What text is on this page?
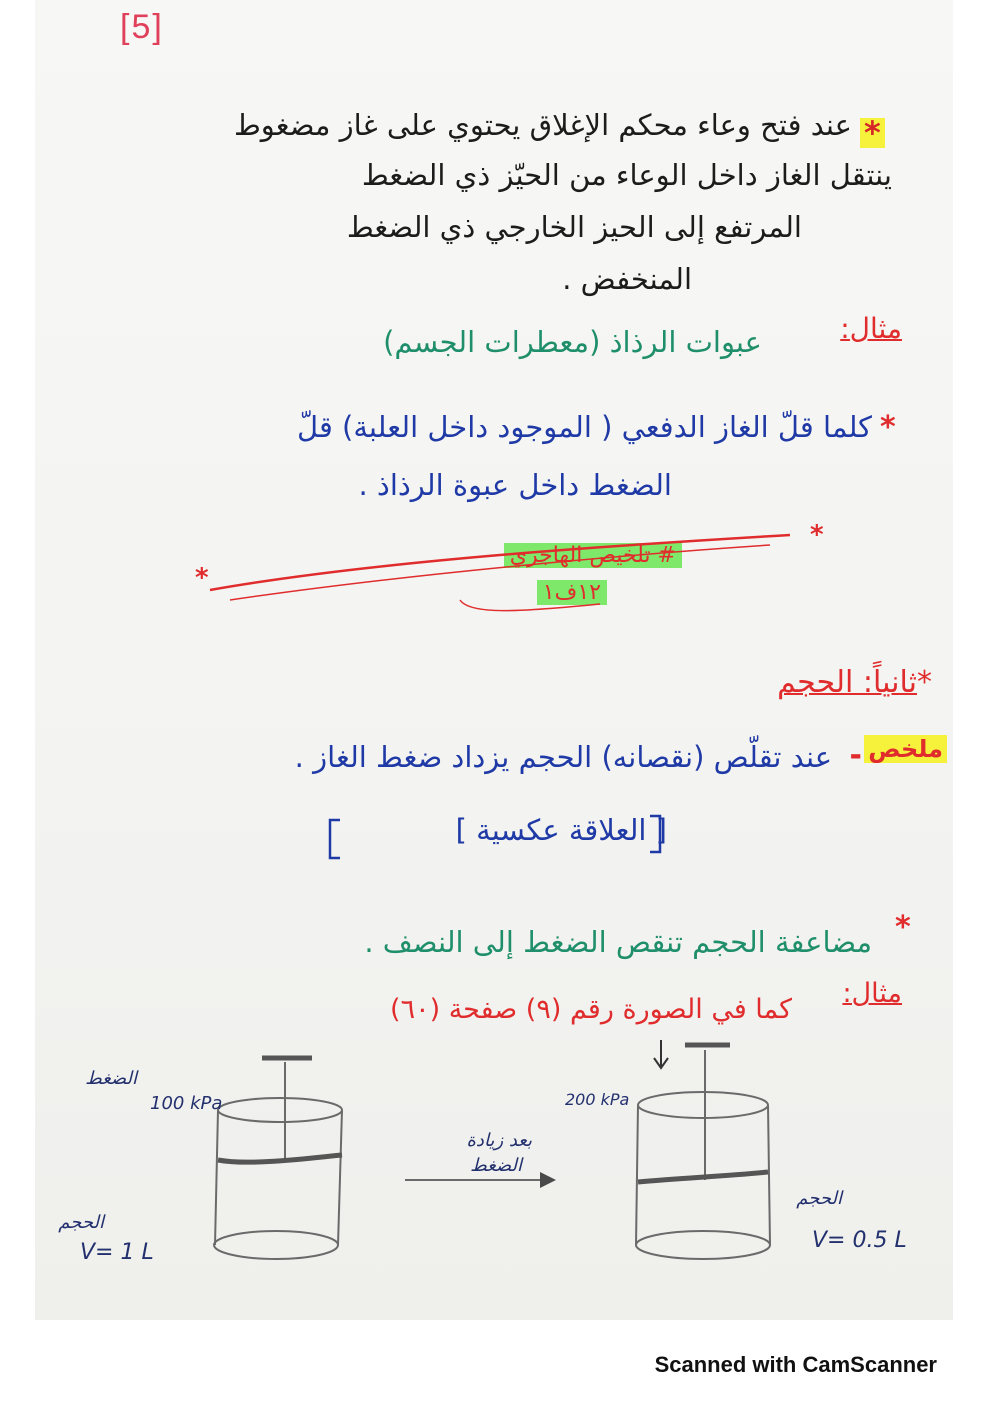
[5]
*
عند فتح وعاء محكم الإغلاق يحتوي على غاز مضغوط
ينتقل الغاز داخل الوعاء من الحيّز ذي الضغط
المرتفع إلى الحيز الخارجي ذي الضغط
المنخفض .
مثال:
عبوات الرذاذ (معطرات الجسم)
*
كلما قلّ الغاز الدفعي ( الموجود داخل العلبة) قلّ
الضغط داخل عبوة الرذاذ .
# تلخيص الهاجري
١٢ف١
*
*
*ثانياً: الحجم
ملخص
-
عند تقلّص (نقصانه) الحجم يزداد ضغط الغاز .
[ العلاقة عكسية ]
*
مضاعفة الحجم تنقص الضغط إلى النصف .
مثال:
كما في الصورة رقم (٩) صفحة (٦٠)
الضغط
100 kPa
الحجم
V= 1 L
بعد زيادة
الضغط
200 kPa
الحجم
V= 0.5 L
Scanned with CamScanner
